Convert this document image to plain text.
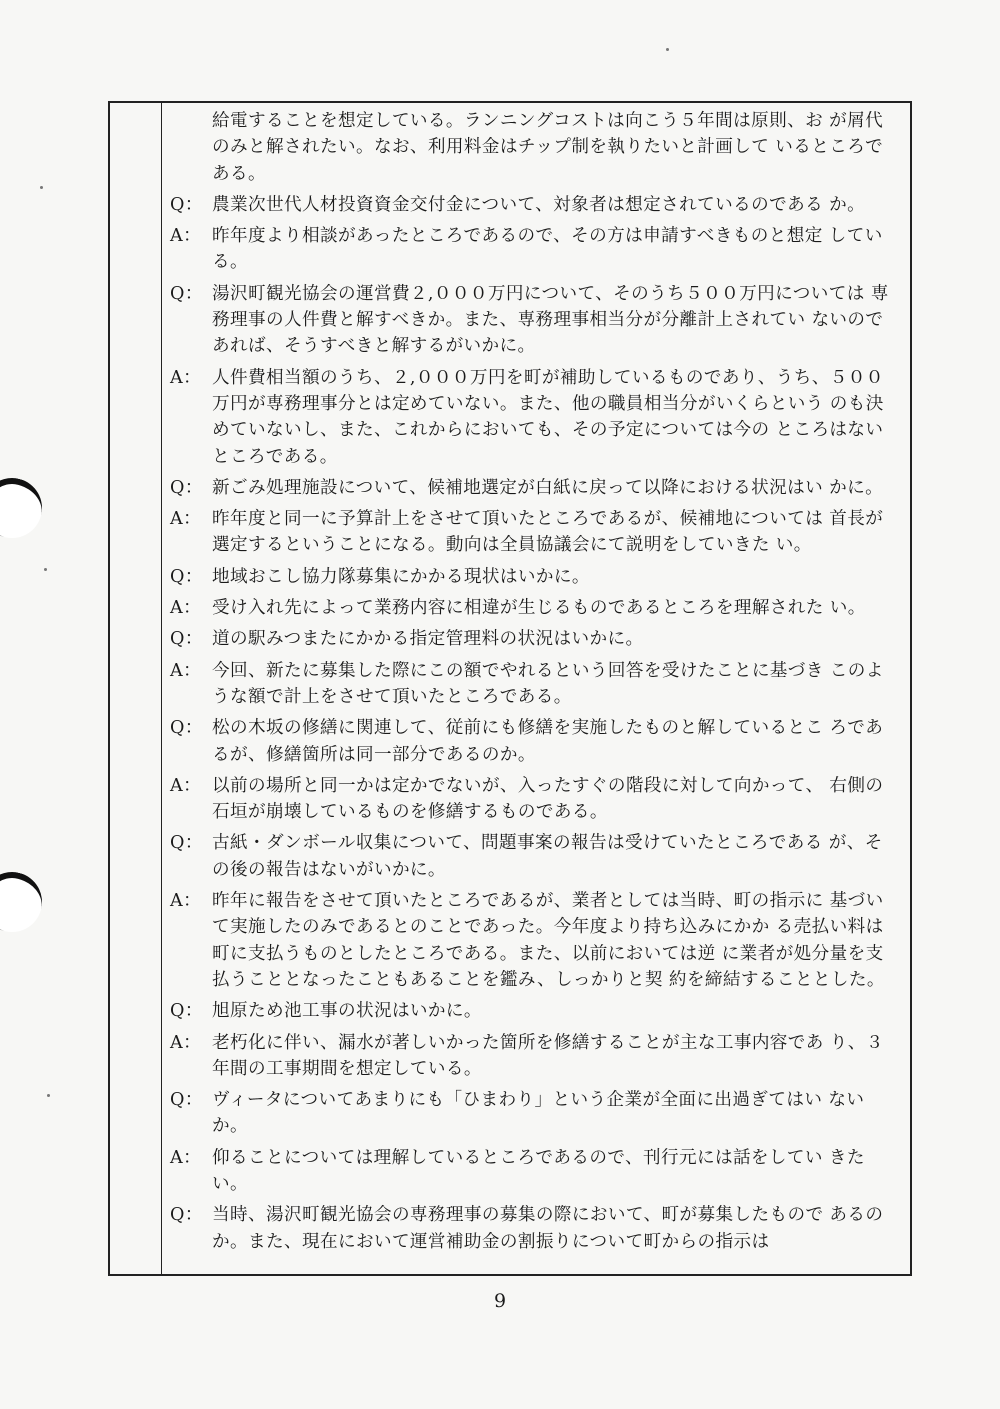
給電することを想定している。ランニングコストは向こう５年間は原則、お が屑代のみと解されたい。なお、利用料金はチップ制を執りたいと計画して いるところである。
Q： 農業次世代人材投資資金交付金について、対象者は想定されているのである か。
A： 昨年度より相談があったところであるので、その方は申請すべきものと想定 している。
Q： 湯沢町観光協会の運営費２,０００万円について、そのうち５００万円については 専務理事の人件費と解すべきか。また、専務理事相当分が分離計上されてい ないのであれば、そうすべきと解するがいかに。
A： 人件費相当額のうち、２,０００万円を町が補助しているものであり、うち、５００ 万円が専務理事分とは定めていない。また、他の職員相当分がいくらという のも決めていないし、また、これからにおいても、その予定については今の ところはないところである。
Q： 新ごみ処理施設について、候補地選定が白紙に戻って以降における状況はい かに。
A： 昨年度と同一に予算計上をさせて頂いたところであるが、候補地については 首長が選定するということになる。動向は全員協議会にて説明をしていきた い。
Q： 地域おこし協力隊募集にかかる現状はいかに。
A： 受け入れ先によって業務内容に相違が生じるものであるところを理解された い。
Q： 道の駅みつまたにかかる指定管理料の状況はいかに。
A： 今回、新たに募集した際にこの額でやれるという回答を受けたことに基づき このような額で計上をさせて頂いたところである。
Q： 松の木坂の修繕に関連して、従前にも修繕を実施したものと解しているとこ ろであるが、修繕箇所は同一部分であるのか。
A： 以前の場所と同一かは定かでないが、入ったすぐの階段に対して向かって、 右側の石垣が崩壊しているものを修繕するものである。
Q： 古紙・ダンボール収集について、問題事案の報告は受けていたところである が、その後の報告はないがいかに。
A： 昨年に報告をさせて頂いたところであるが、業者としては当時、町の指示に 基づいて実施したのみであるとのことであった。今年度より持ち込みにかか る売払い料は町に支払うものとしたところである。また、以前においては逆 に業者が処分量を支払うこととなったこともあることを鑑み、しっかりと契 約を締結することとした。
Q： 旭原ため池工事の状況はいかに。
A： 老朽化に伴い、漏水が著しいかった箇所を修繕することが主な工事内容であ り、３年間の工事期間を想定している。
Q： ヴィータについてあまりにも「ひまわり」という企業が全面に出過ぎてはい ないか。
A： 仰ることについては理解しているところであるので、刊行元には話をしてい きたい。
Q： 当時、湯沢町観光協会の専務理事の募集の際において、町が募集したもので あるのか。また、現在において運営補助金の割振りについて町からの指示は
9
